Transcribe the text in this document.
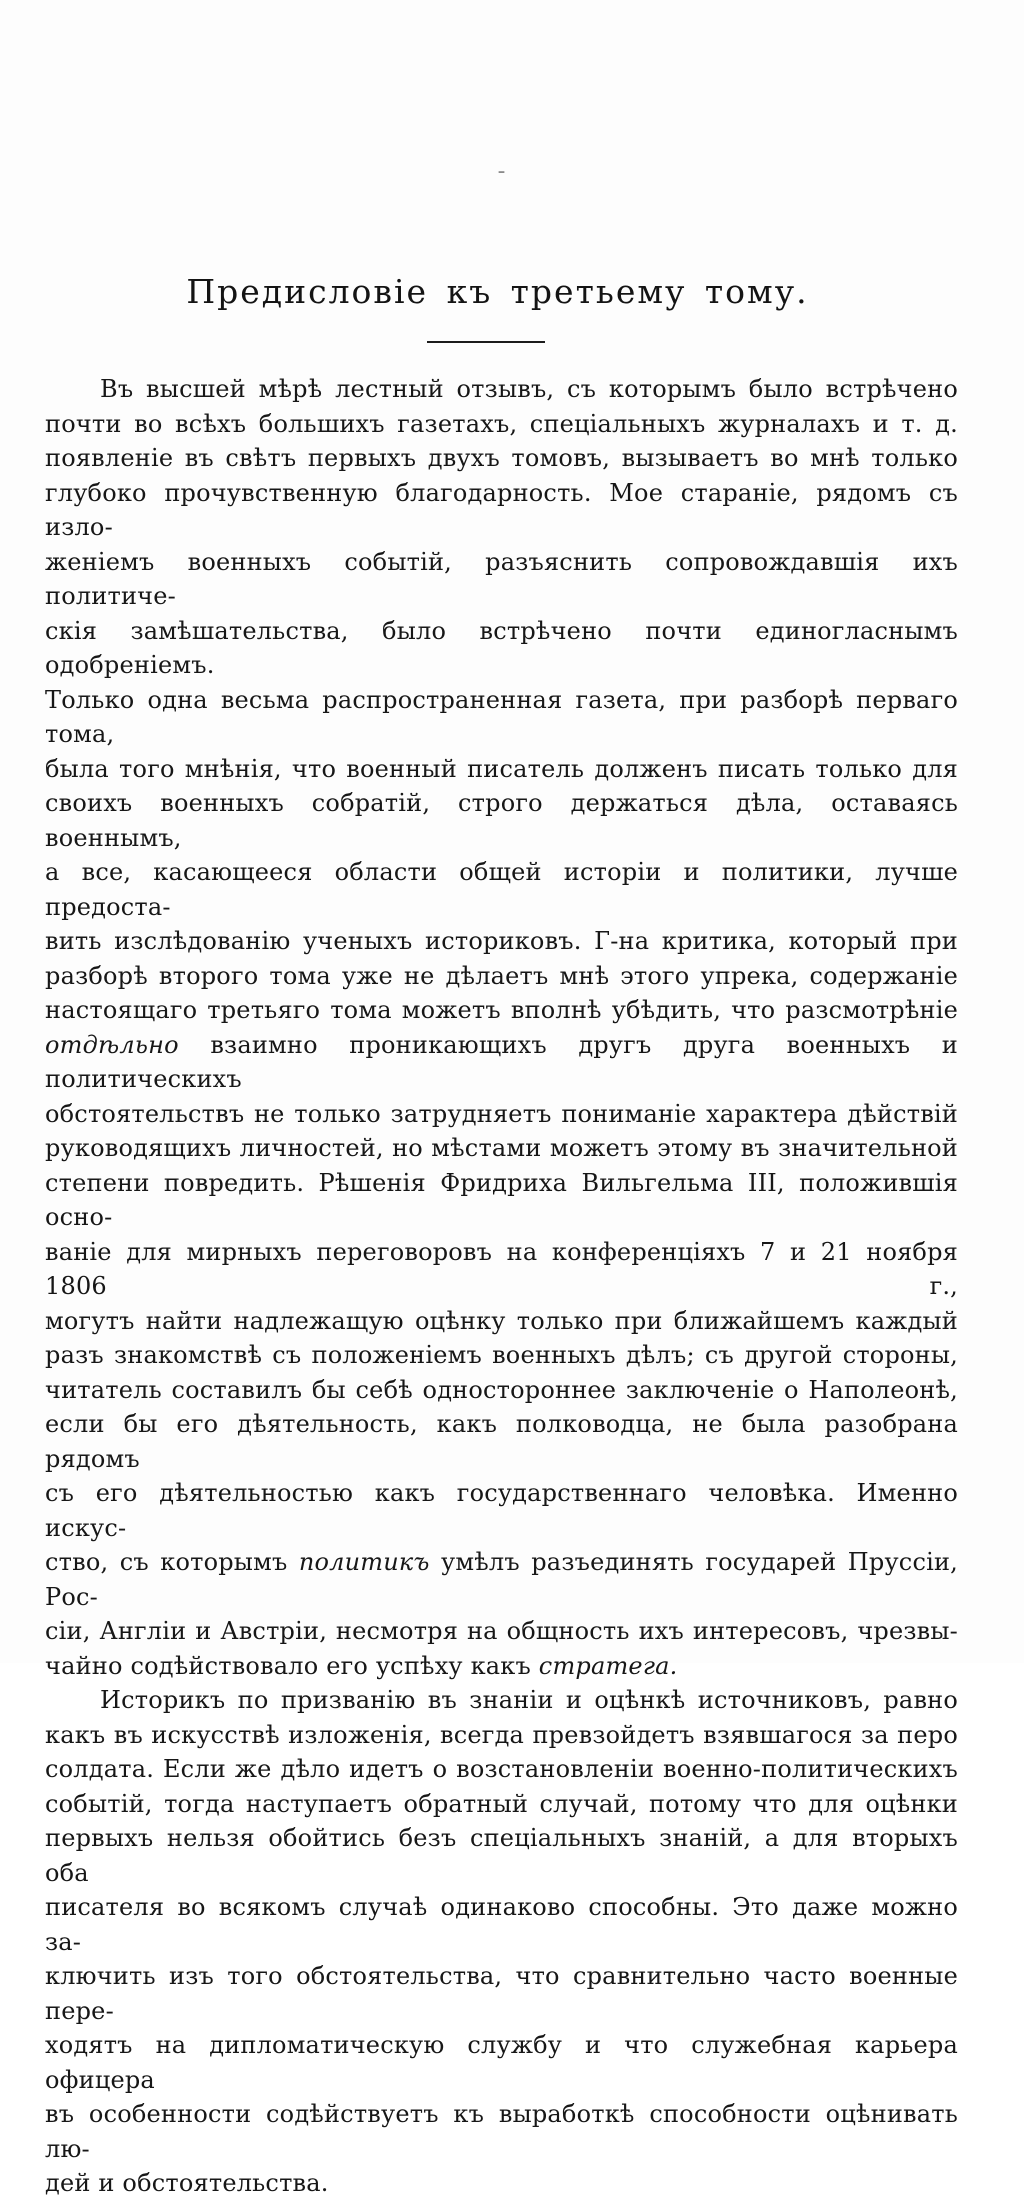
–
Предисловіе къ третьему тому.
Въ высшей мѣрѣ лестный отзывъ, съ которымъ было встрѣчено
почти во всѣхъ большихъ газетахъ, спеціальныхъ журналахъ и т. д.
появленіе въ свѣтъ первыхъ двухъ томовъ, вызываетъ во мнѣ только
глубоко прочувственную благодарность. Мое стараніе, рядомъ съ изло-
женіемъ военныхъ событій, разъяснить сопровождавшія ихъ политиче-
скія замѣшательства, было встрѣчено почти единогласнымъ одобреніемъ.
Только одна весьма распространенная газета, при разборѣ перваго тома,
была того мнѣнія, что военный писатель долженъ писать только для
своихъ военныхъ собратій, строго держаться дѣла, оставаясь военнымъ,
а все, касающееся области общей исторіи и политики, лучше предоста-
вить изслѣдованію ученыхъ историковъ. Г-на критика, который при
разборѣ второго тома уже не дѣлаетъ мнѣ этого упрека, содержаніе
настоящаго третьяго тома можетъ вполнѣ убѣдить, что разсмотрѣніе
отдѣльно взаимно проникающихъ другъ друга военныхъ и политическихъ
обстоятельствъ не только затрудняетъ пониманіе характера дѣйствій
руководящихъ личностей, но мѣстами можетъ этому въ значительной
степени повредить. Рѣшенія Фридриха Вильгельма III, положившія осно-
ваніе для мирныхъ переговоровъ на конференціяхъ 7 и 21 ноября 1806 г.,
могутъ найти надлежащую оцѣнку только при ближайшемъ каждый
разъ знакомствѣ съ положеніемъ военныхъ дѣлъ; съ другой стороны,
читатель составилъ бы себѣ одностороннее заключеніе о Наполеонѣ,
если бы его дѣятельность, какъ полководца, не была разобрана рядомъ
съ его дѣятельностью какъ государственнаго человѣка. Именно искус-
ство, съ которымъ политикъ умѣлъ разъединять государей Пруссіи, Рос-
сіи, Англіи и Австріи, несмотря на общность ихъ интересовъ, чрезвы-
чайно содѣйствовало его успѣху какъ стратега.
Историкъ по призванію въ знаніи и оцѣнкѣ источниковъ, равно
какъ въ искусствѣ изложенія, всегда превзойдетъ взявшагося за перо
солдата. Если же дѣло идетъ о возстановленіи военно-политическихъ
событій, тогда наступаетъ обратный случай, потому что для оцѣнки
первыхъ нельзя обойтись безъ спеціальныхъ знаній, а для вторыхъ оба
писателя во всякомъ случаѣ одинаково способны. Это даже можно за-
ключить изъ того обстоятельства, что сравнительно часто военные пере-
ходятъ на дипломатическую службу и что служебная карьера офицера
въ особенности содѣйствуетъ къ выработкѣ способности оцѣнивать лю-
дей и обстоятельства.
